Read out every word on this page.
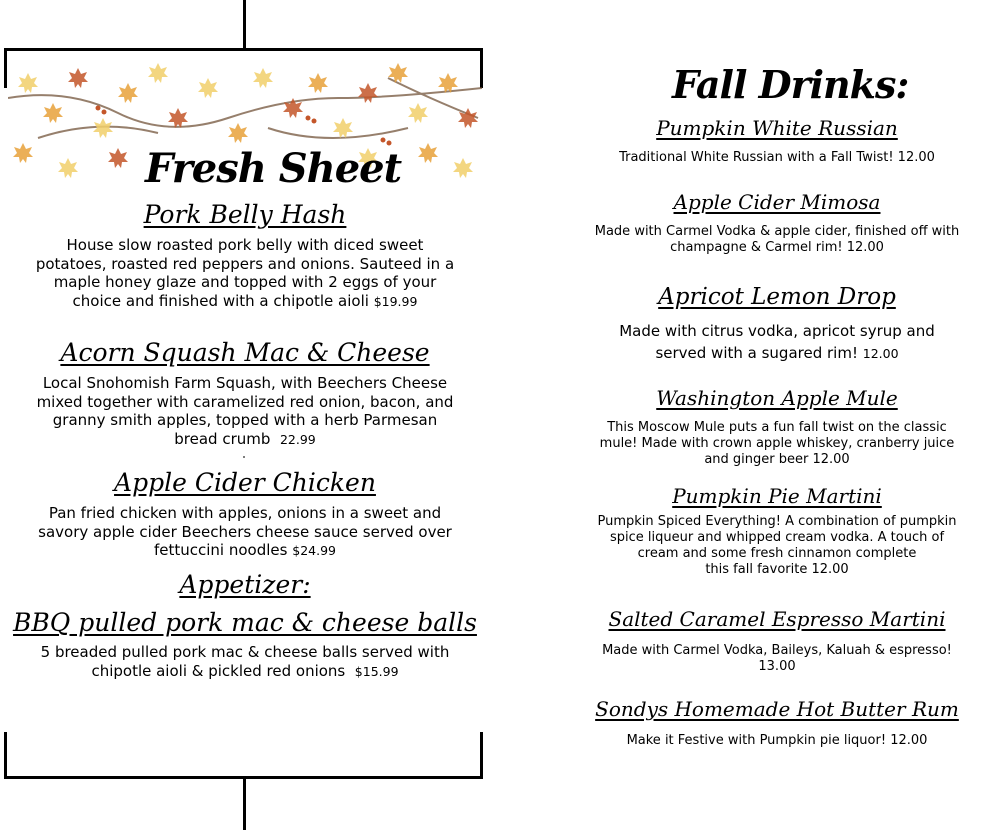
Fresh Sheet
Pork Belly Hash
House slow roasted pork belly with diced sweet
potatoes, roasted red peppers and onions. Sauteed in a
maple honey glaze and topped with 2 eggs of your
choice and finished with a chipotle aioli $19.99
Acorn Squash Mac & Cheese
Local Snohomish Farm Squash, with Beechers Cheese
mixed together with caramelized red onion, bacon, and
granny smith apples, topped with a herb Parmesan
bread crumb 22.99
Apple Cider Chicken
Pan fried chicken with apples, onions in a sweet and
savory apple cider Beechers cheese sauce served over
fettuccini noodles $24.99
Appetizer:
BBQ pulled pork mac & cheese balls
5 breaded pulled pork mac & cheese balls served with
chipotle aioli & pickled red onions $15.99
Fall Drinks:
Pumpkin White Russian
Traditional White Russian with a Fall Twist! 12.00
Apple Cider Mimosa
Made with Carmel Vodka & apple cider, finished off with
champagne & Carmel rim! 12.00
Apricot Lemon Drop
Made with citrus vodka, apricot syrup and
served with a sugared rim! 12.00
Washington Apple Mule
This Moscow Mule puts a fun fall twist on the classic
mule! Made with crown apple whiskey, cranberry juice
and ginger beer 12.00
Pumpkin Pie Martini
Pumpkin Spiced Everything! A combination of pumpkin
spice liqueur and whipped cream vodka. A touch of
cream and some fresh cinnamon complete
this fall favorite 12.00
Salted Caramel Espresso Martini
Made with Carmel Vodka, Baileys, Kaluah & espresso!
13.00
Sondys Homemade Hot Butter Rum
Make it Festive with Pumpkin pie liquor! 12.00
